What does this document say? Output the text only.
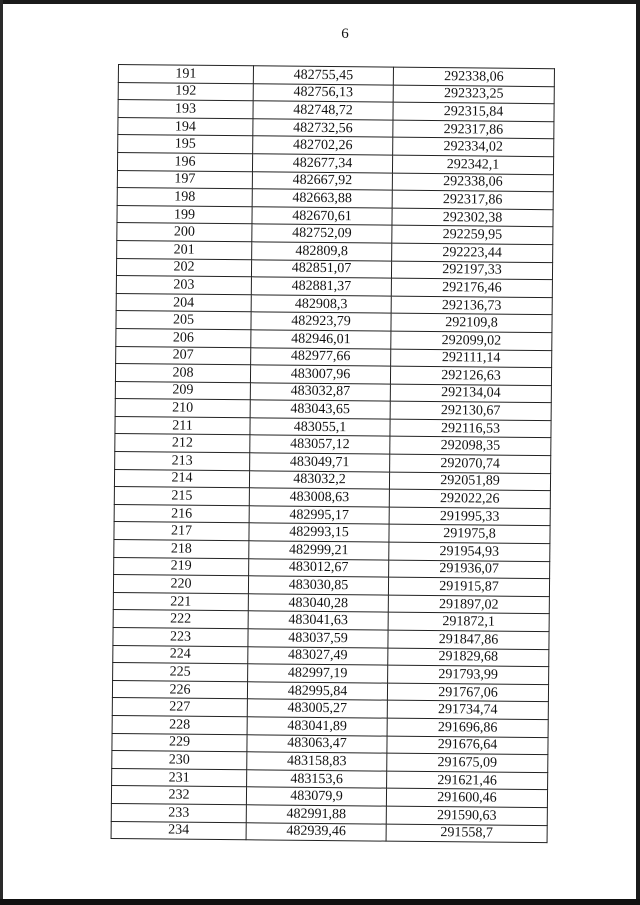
6
191	482755,45	292338,06
192	482756,13	292323,25
193	482748,72	292315,84
194	482732,56	292317,86
195	482702,26	292334,02
196	482677,34	292342,1
197	482667,92	292338,06
198	482663,88	292317,86
199	482670,61	292302,38
200	482752,09	292259,95
201	482809,8	292223,44
202	482851,07	292197,33
203	482881,37	292176,46
204	482908,3	292136,73
205	482923,79	292109,8
206	482946,01	292099,02
207	482977,66	292111,14
208	483007,96	292126,63
209	483032,87	292134,04
210	483043,65	292130,67
211	483055,1	292116,53
212	483057,12	292098,35
213	483049,71	292070,74
214	483032,2	292051,89
215	483008,63	292022,26
216	482995,17	291995,33
217	482993,15	291975,8
218	482999,21	291954,93
219	483012,67	291936,07
220	483030,85	291915,87
221	483040,28	291897,02
222	483041,63	291872,1
223	483037,59	291847,86
224	483027,49	291829,68
225	482997,19	291793,99
226	482995,84	291767,06
227	483005,27	291734,74
228	483041,89	291696,86
229	483063,47	291676,64
230	483158,83	291675,09
231	483153,6	291621,46
232	483079,9	291600,46
233	482991,88	291590,63
234	482939,46	291558,7
